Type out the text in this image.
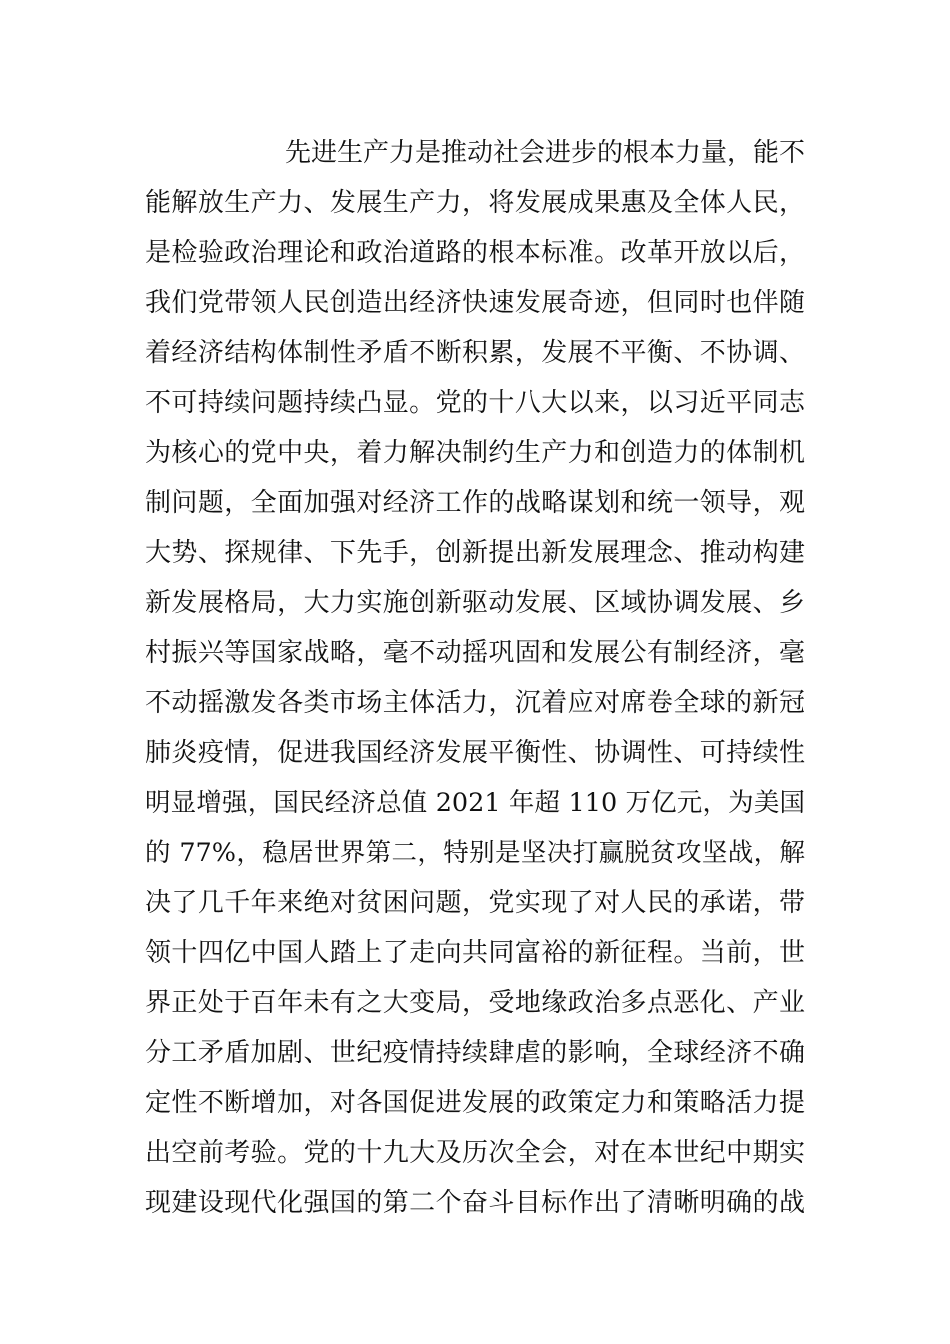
先进生产力是推动社会进步的根本力量，能不
能解放生产力、发展生产力，将发展成果惠及全体人民，
是检验政治理论和政治道路的根本标准。改革开放以后，
我们党带领人民创造出经济快速发展奇迹，但同时也伴随
着经济结构体制性矛盾不断积累，发展不平衡、不协调、
不可持续问题持续凸显。党的十八大以来，以习近平同志
为核心的党中央，着力解决制约生产力和创造力的体制机
制问题，全面加强对经济工作的战略谋划和统一领导，观
大势、探规律、下先手，创新提出新发展理念、推动构建
新发展格局，大力实施创新驱动发展、区域协调发展、乡
村振兴等国家战略，毫不动摇巩固和发展公有制经济，毫
不动摇激发各类市场主体活力，沉着应对席卷全球的新冠
肺炎疫情，促进我国经济发展平衡性、协调性、可持续性
明显增强，国民经济总值 2021 年超 110 万亿元，为美国
的 77%，稳居世界第二，特别是坚决打赢脱贫攻坚战，解
决了几千年来绝对贫困问题，党实现了对人民的承诺，带
领十四亿中国人踏上了走向共同富裕的新征程。当前，世
界正处于百年未有之大变局，受地缘政治多点恶化、产业
分工矛盾加剧、世纪疫情持续肆虐的影响，全球经济不确
定性不断增加，对各国促进发展的政策定力和策略活力提
出空前考验。党的十九大及历次全会，对在本世纪中期实
现建设现代化强国的第二个奋斗目标作出了清晰明确的战
